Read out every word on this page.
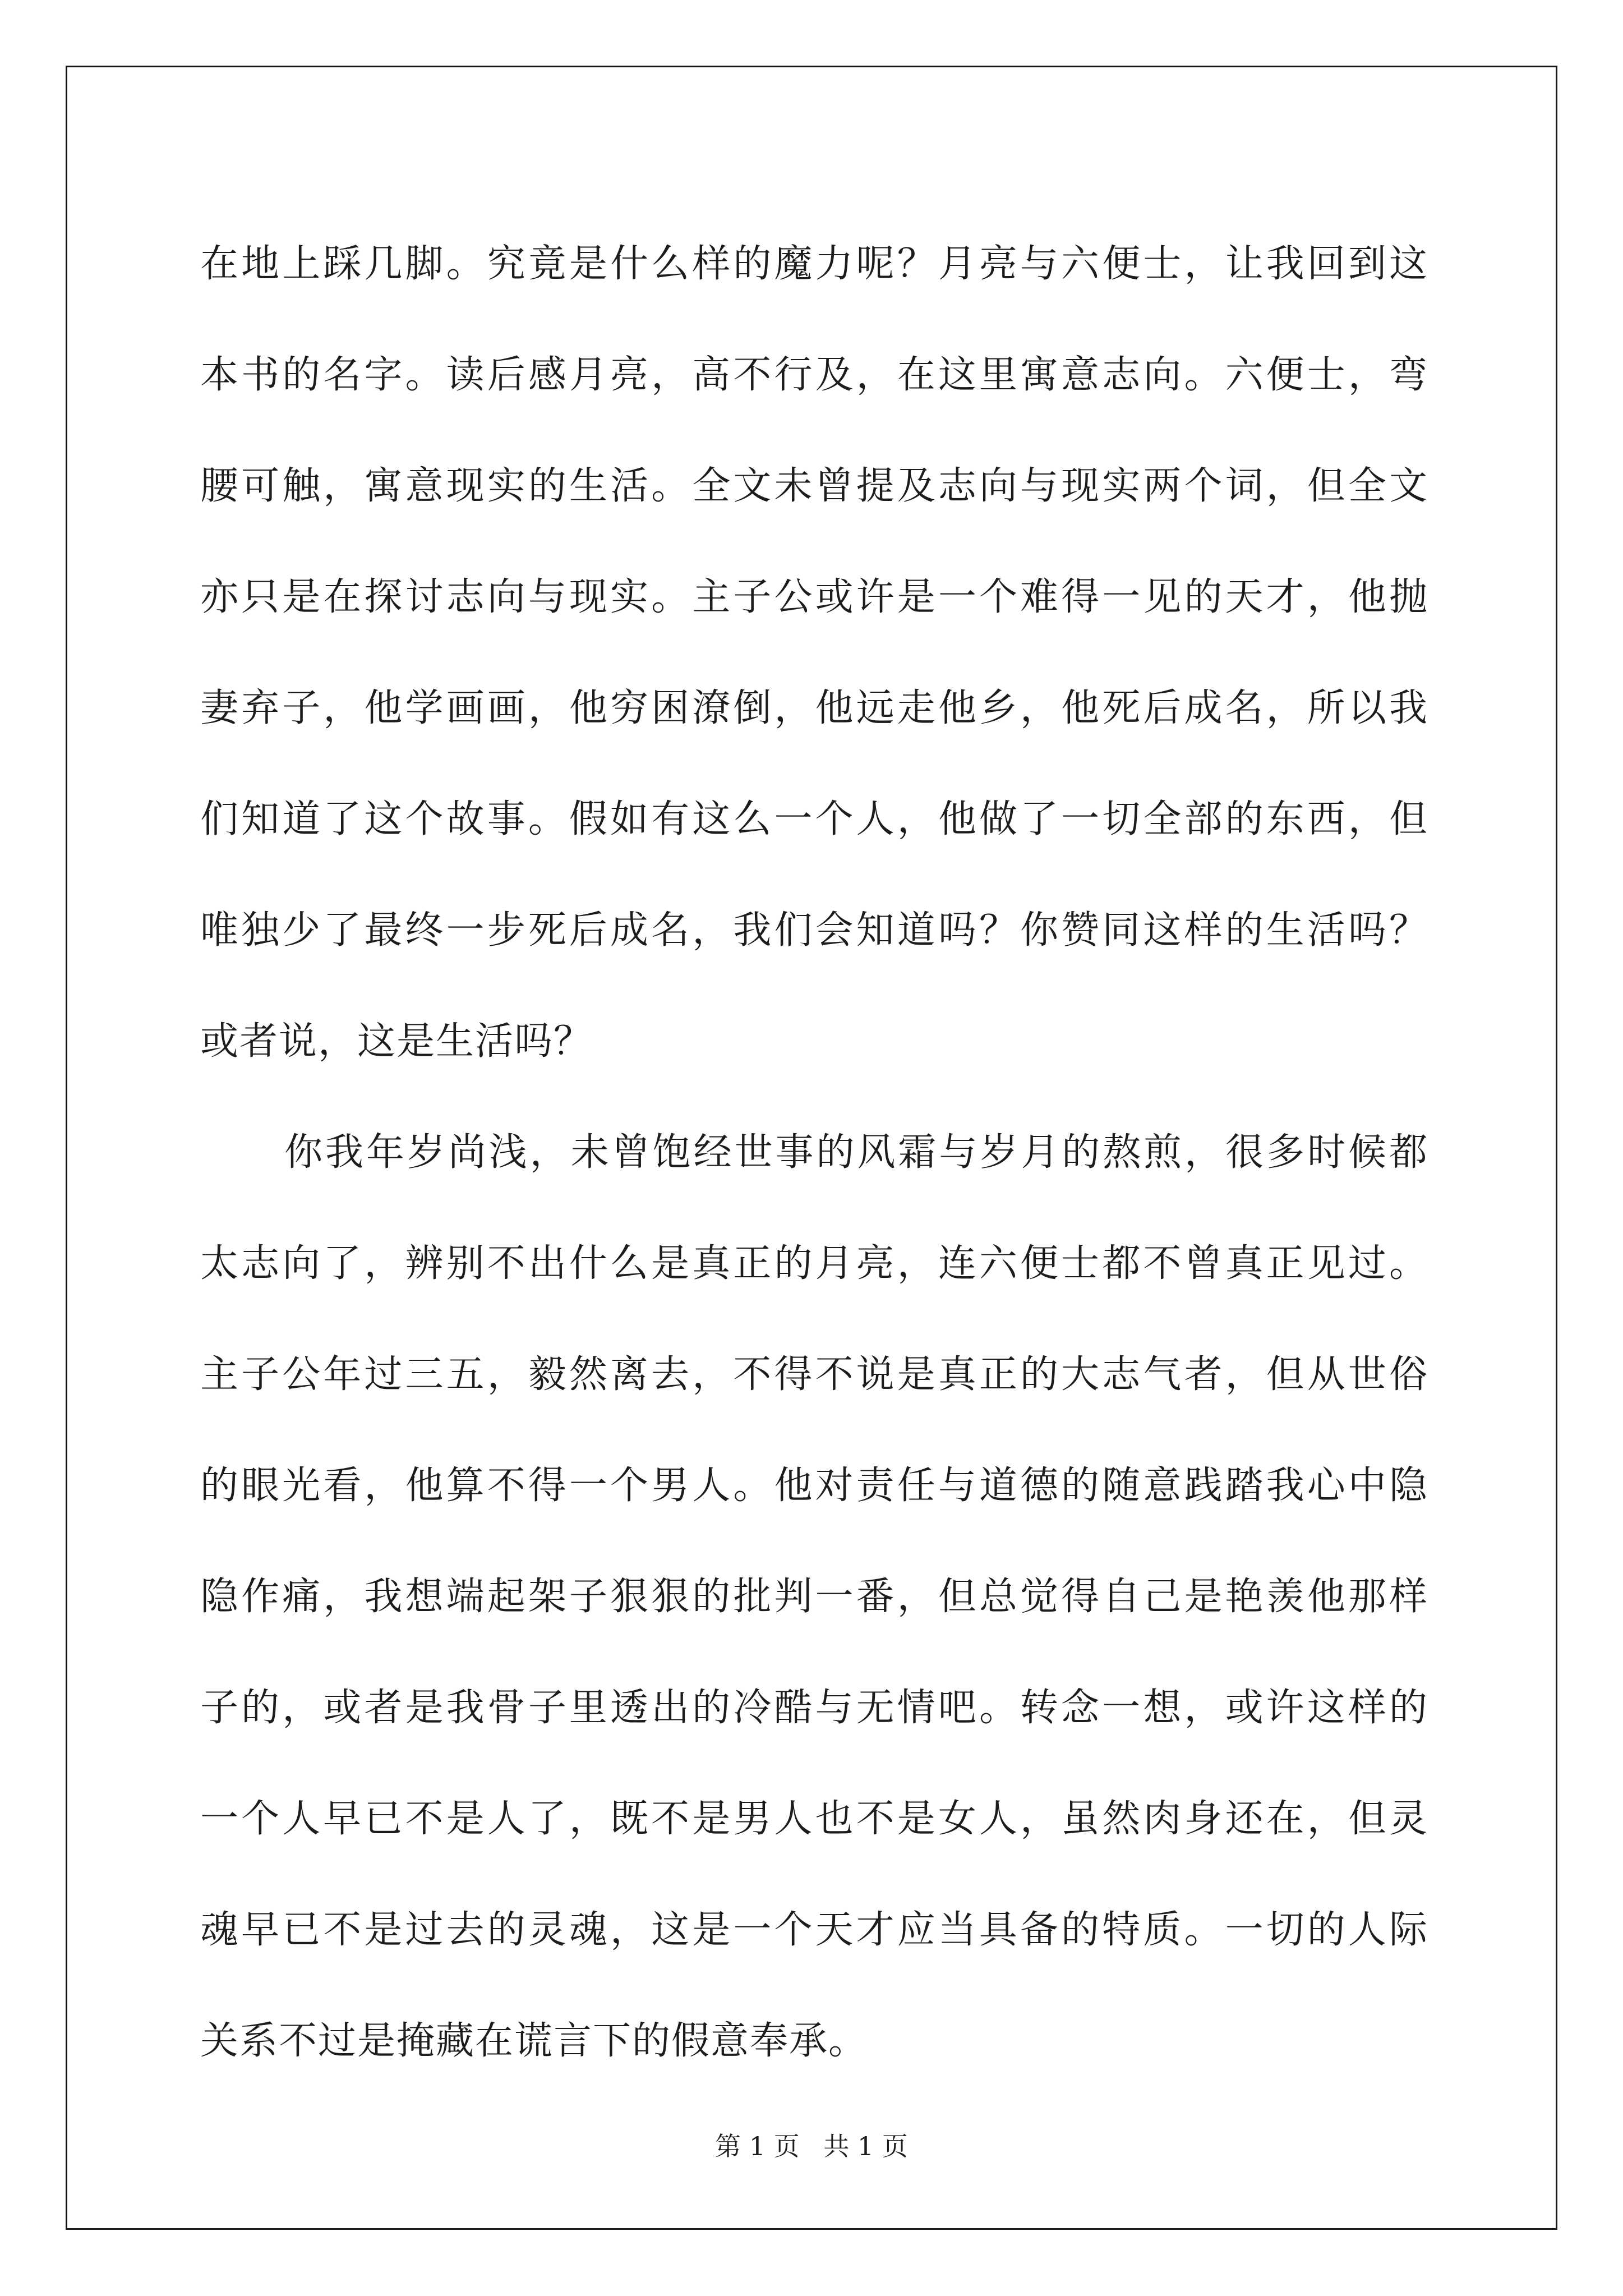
在地上踩几脚。究竟是什么样的魔力呢？月亮与六便士，让我回到这
本书的名字。读后感月亮，高不行及，在这里寓意志向。六便士，弯
腰可触，寓意现实的生活。全文未曾提及志向与现实两个词，但全文
亦只是在探讨志向与现实。主子公或许是一个难得一见的天才，他抛
妻弃子，他学画画，他穷困潦倒，他远走他乡，他死后成名，所以我
们知道了这个故事。假如有这么一个人，他做了一切全部的东西，但
唯独少了最终一步死后成名，我们会知道吗？你赞同这样的生活吗？
或者说，这是生活吗？

你我年岁尚浅，未曾饱经世事的风霜与岁月的熬煎，很多时候都
太志向了，辨别不出什么是真正的月亮，连六便士都不曾真正见过。
主子公年过三五，毅然离去，不得不说是真正的大志气者，但从世俗
的眼光看，他算不得一个男人。他对责任与道德的随意践踏我心中隐
隐作痛，我想端起架子狠狠的批判一番，但总觉得自己是艳羡他那样
子的，或者是我骨子里透出的冷酷与无情吧。转念一想，或许这样的
一个人早已不是人了，既不是男人也不是女人，虽然肉身还在，但灵
魂早已不是过去的灵魂，这是一个天才应当具备的特质。一切的人际
关系不过是掩藏在谎言下的假意奉承。

第 1 页 共 1 页
